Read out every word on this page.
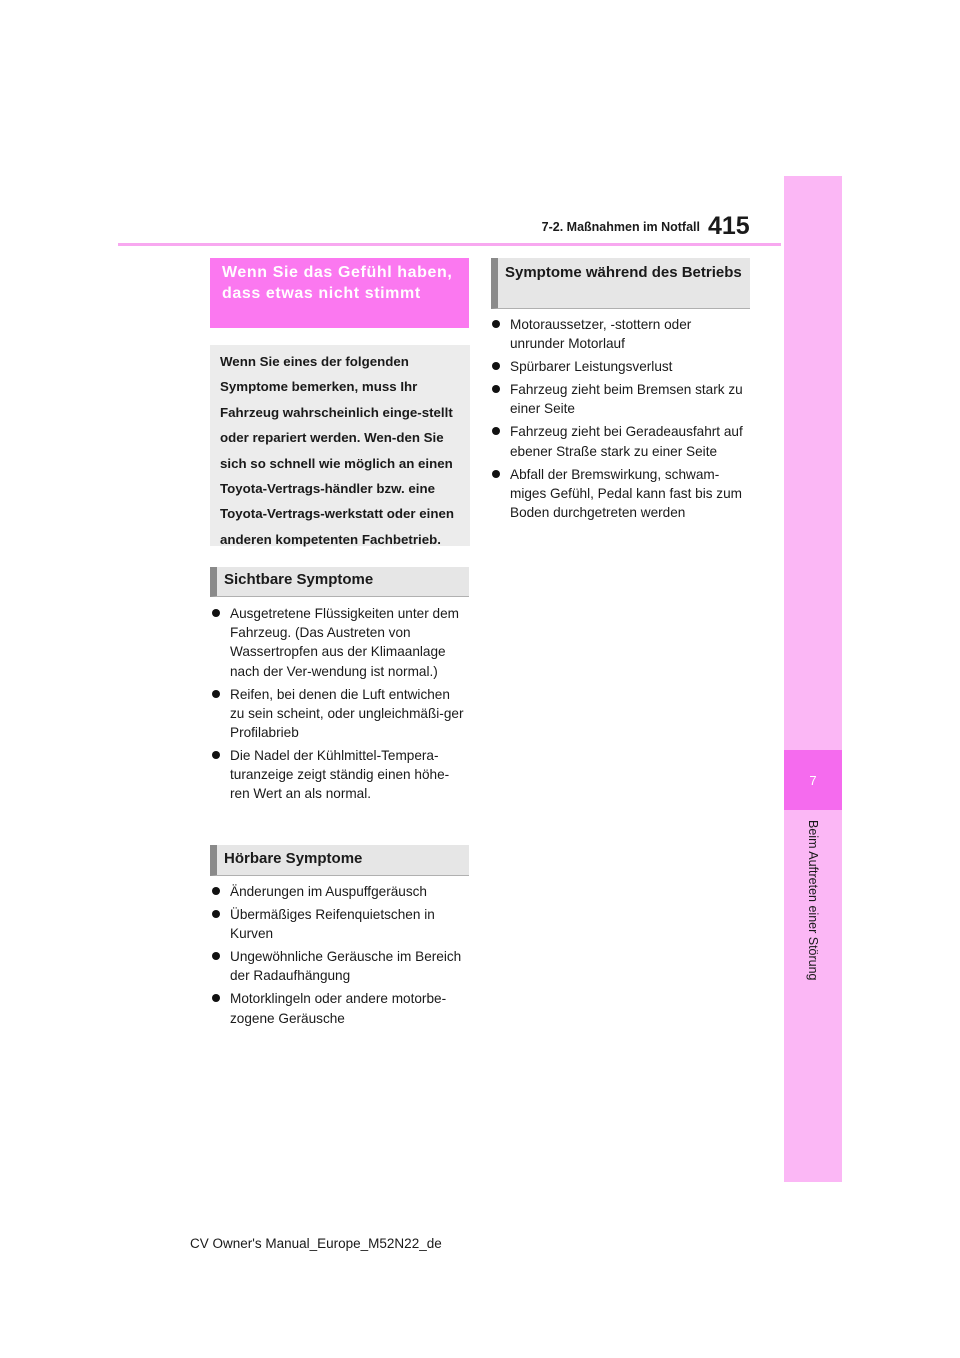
7
Beim Auftreten einer Störung
7-2. Maßnahmen im Notfall 415
Wenn Sie das Gefühl haben, dass etwas nicht stimmt
Wenn Sie eines der folgenden Symptome bemerken, muss Ihr Fahrzeug wahrscheinlich einge-stellt oder repariert werden. Wen-den Sie sich so schnell wie möglich an einen Toyota-Vertrags-händler bzw. eine Toyota-Vertrags-werkstatt oder einen anderen kompetenten Fachbetrieb.
Sichtbare Symptome
Ausgetretene Flüssigkeiten unter dem Fahrzeug. (Das Austreten von Wassertropfen aus der Klimaanlage nach der Ver-wendung ist normal.)
Reifen, bei denen die Luft entwichen zu sein scheint, oder ungleichmäßi-ger Profilabrieb
Die Nadel der Kühlmittel-Tempera-turanzeige zeigt ständig einen höhe-ren Wert an als normal.
Hörbare Symptome
Änderungen im Auspuffgeräusch
Übermäßiges Reifenquietschen in Kurven
Ungewöhnliche Geräusche im Bereich der Radaufhängung
Motorklingeln oder andere motorbe-zogene Geräusche
Symptome während des Betriebs
Motoraussetzer, -stottern oder unrunder Motorlauf
Spürbarer Leistungsverlust
Fahrzeug zieht beim Bremsen stark zu einer Seite
Fahrzeug zieht bei Geradeausfahrt auf ebener Straße stark zu einer Seite
Abfall der Bremswirkung, schwam-miges Gefühl, Pedal kann fast bis zum Boden durchgetreten werden
CV Owner's Manual_Europe_M52N22_de
